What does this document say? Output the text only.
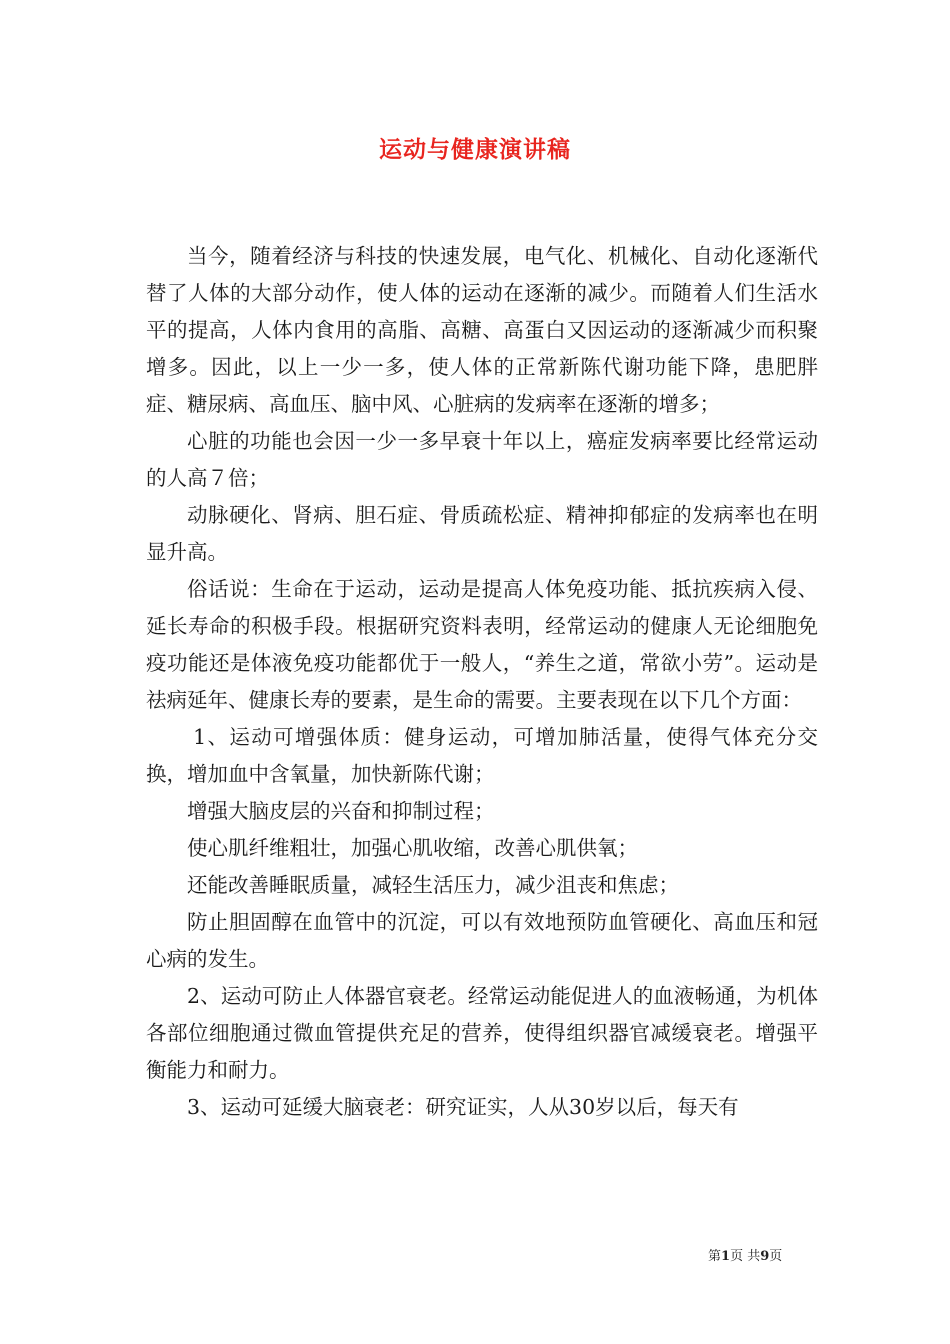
运动与健康演讲稿

当今，随着经济与科技的快速发展，电气化、机械化、自动化逐渐代替了人体的大部分动作，使人体的运动在逐渐的减少。而随着人们生活水平的提高，人体内食用的高脂、高糖、高蛋白又因运动的逐渐减少而积聚增多。因此，以上一少一多，使人体的正常新陈代谢功能下降，患肥胖症、糖尿病、高血压、脑中风、心脏病的发病率在逐渐的增多；

心脏的功能也会因一少一多早衰十年以上，癌症发病率要比经常运动的人高７倍；

动脉硬化、肾病、胆石症、骨质疏松症、精神抑郁症的发病率也在明显升高。

俗话说：生命在于运动，运动是提高人体免疫功能、抵抗疾病入侵、延长寿命的积极手段。根据研究资料表明，经常运动的健康人无论细胞免疫功能还是体液免疫功能都优于一般人，“养生之道，常欲小劳”。运动是祛病延年、健康长寿的要素，是生命的需要。主要表现在以下几个方面：

1、运动可增强体质：健身运动，可增加肺活量，使得气体充分交换，增加血中含氧量，加快新陈代谢；

增强大脑皮层的兴奋和抑制过程；

使心肌纤维粗壮，加强心肌收缩，改善心肌供氧；

还能改善睡眠质量，减轻生活压力，减少沮丧和焦虑；

防止胆固醇在血管中的沉淀，可以有效地预防血管硬化、高血压和冠心病的发生。

2、运动可防止人体器官衰老。经常运动能促进人的血液畅通，为机体各部位细胞通过微血管提供充足的营养，使得组织器官减缓衰老。增强平衡能力和耐力。

3、运动可延缓大脑衰老：研究证实，人从30岁以后，每天有

第1页 共9页
